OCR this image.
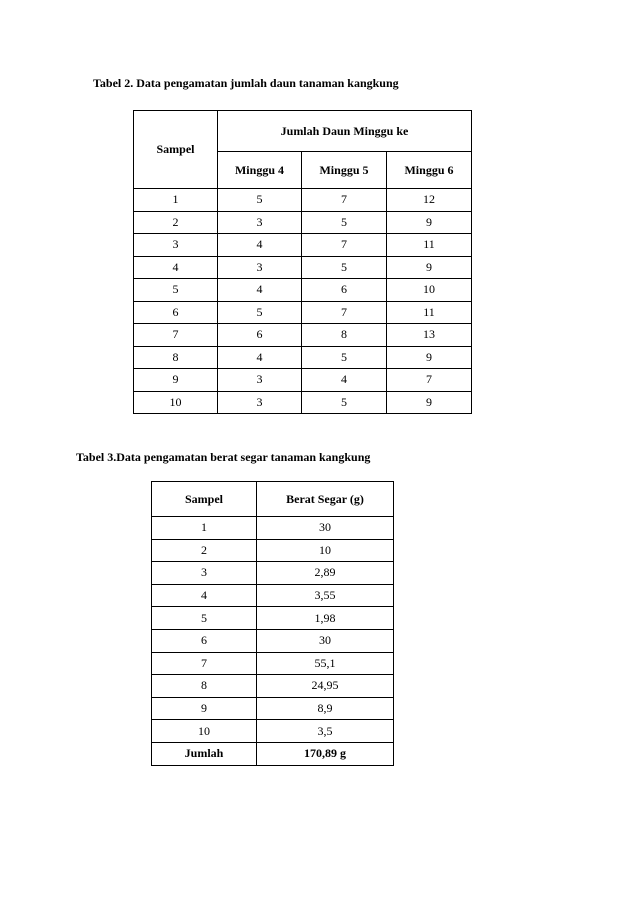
Tabel 2. Data pengamatan jumlah daun tanaman kangkung
Sampel	Jumlah Daun Minggu ke		
	Minggu 4	Minggu 5	Minggu 6
1	5	7	12
2	3	5	9
3	4	7	11
4	3	5	9
5	4	6	10
6	5	7	11
7	6	8	13
8	4	5	9
9	3	4	7
10	3	5	9
Tabel 3.Data pengamatan berat segar tanaman kangkung
Sampel	Berat Segar (g)
1	30
2	10
3	2,89
4	3,55
5	1,98
6	30
7	55,1
8	24,95
9	8,9
10	3,5
Jumlah	170,89 g
